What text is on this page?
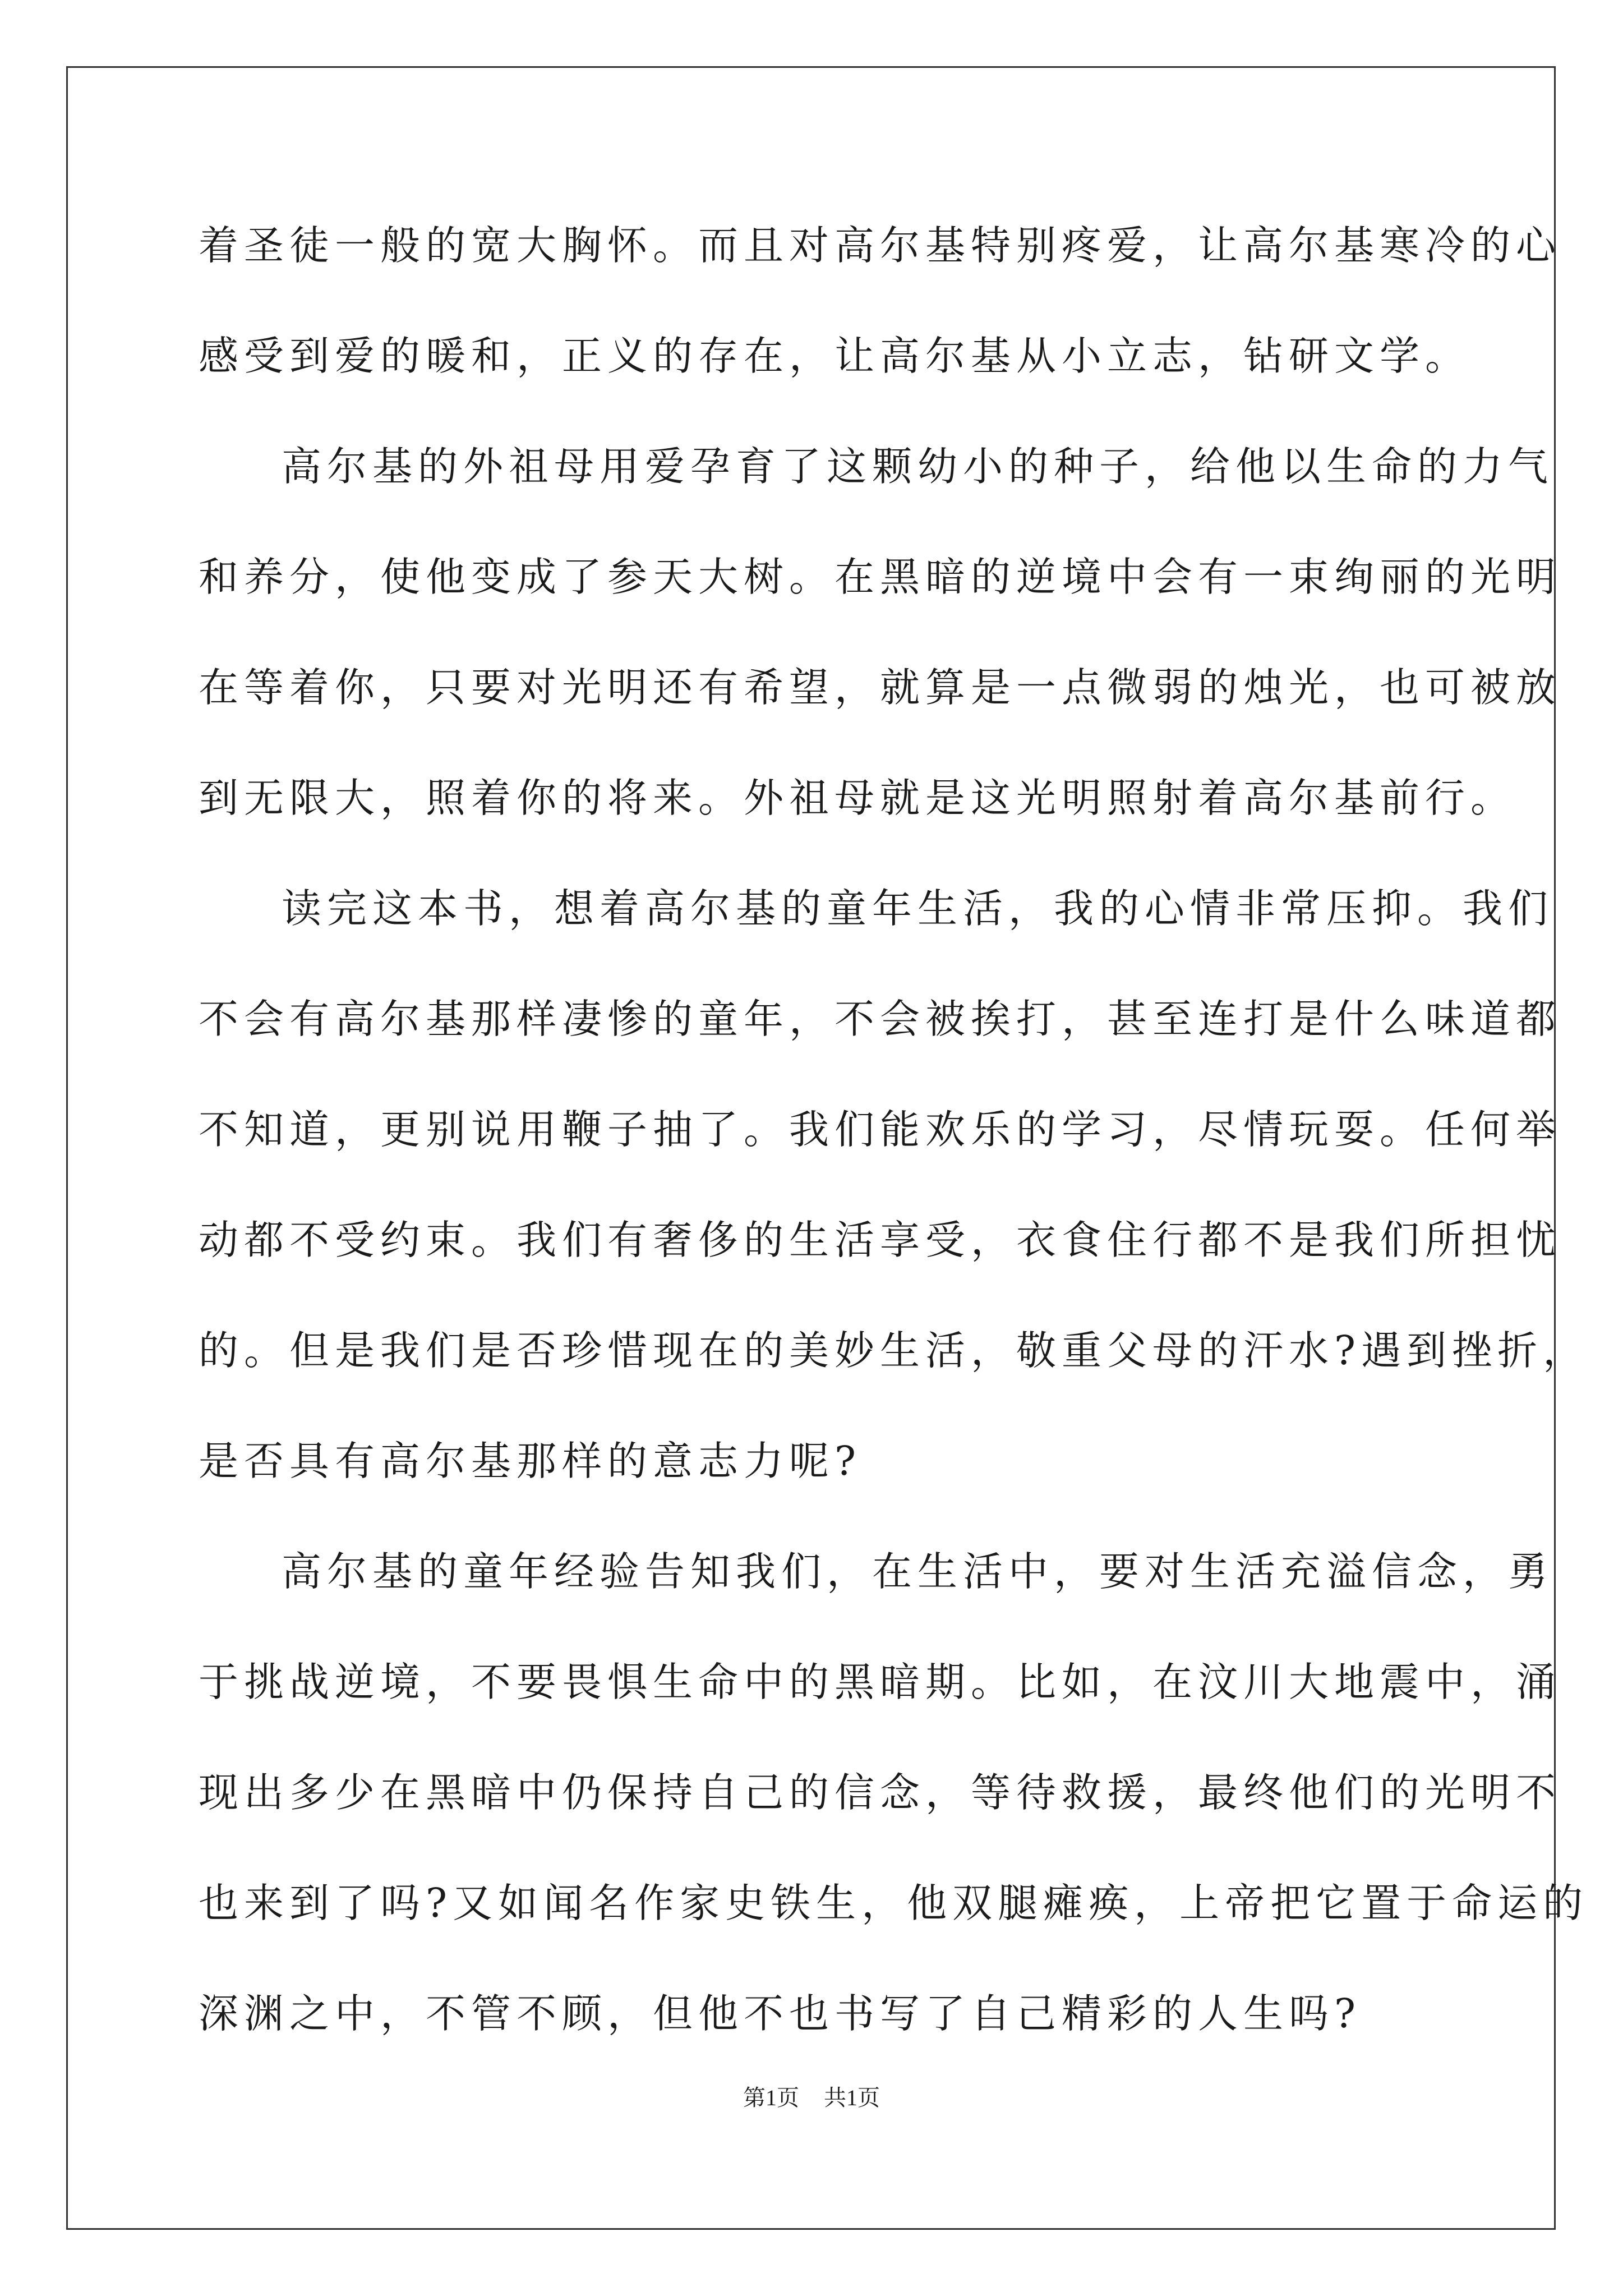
着圣徒一般的宽大胸怀。而且对高尔基特别疼爱，让高尔基寒冷的心
感受到爱的暖和，正义的存在，让高尔基从小立志，钻研文学。
高尔基的外祖母用爱孕育了这颗幼小的种子，给他以生命的力气
和养分，使他变成了参天大树。在黑暗的逆境中会有一束绚丽的光明
在等着你，只要对光明还有希望，就算是一点微弱的烛光，也可被放
到无限大，照着你的将来。外祖母就是这光明照射着高尔基前行。
读完这本书，想着高尔基的童年生活，我的心情非常压抑。我们
不会有高尔基那样凄惨的童年，不会被挨打，甚至连打是什么味道都
不知道，更别说用鞭子抽了。我们能欢乐的学习，尽情玩耍。任何举
动都不受约束。我们有奢侈的生活享受，衣食住行都不是我们所担忧
的。但是我们是否珍惜现在的美妙生活，敬重父母的汗水?遇到挫折，
是否具有高尔基那样的意志力呢?
高尔基的童年经验告知我们，在生活中，要对生活充溢信念，勇
于挑战逆境，不要畏惧生命中的黑暗期。比如，在汶川大地震中，涌
现出多少在黑暗中仍保持自己的信念，等待救援，最终他们的光明不
也来到了吗?又如闻名作家史铁生，他双腿瘫痪，上帝把它置于命运的
深渊之中，不管不顾，但他不也书写了自己精彩的人生吗?
第1页 共1页
